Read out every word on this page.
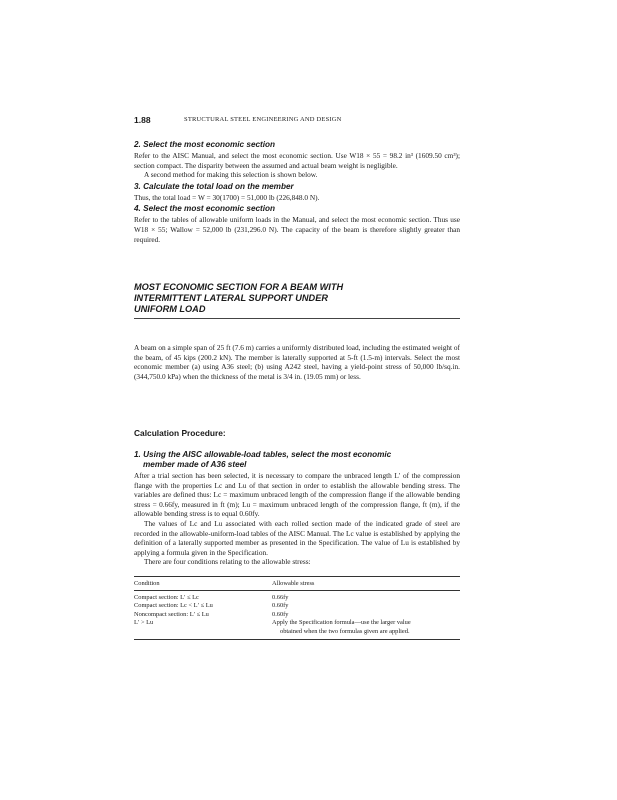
1.88	STRUCTURAL STEEL ENGINEERING AND DESIGN
2. Select the most economic section

Refer to the AISC Manual, and select the most economic section. Use W18 × 55 = 98.2 in³ (1609.50 cm³); section compact. The disparity between the assumed and actual beam weight is negligible.

A second method for making this selection is shown below.

3. Calculate the total load on the member

Thus, the total load = W = 30(1700) = 51,000 lb (226,848.0 N).

4. Select the most economic section

Refer to the tables of allowable uniform loads in the Manual, and select the most economic section. Thus use W18 × 55; Wallow = 52,000 lb (231,296.0 N). The capacity of the beam is therefore slightly greater than required.

MOST ECONOMIC SECTION FOR A BEAM WITH
INTERMITTENT LATERAL SUPPORT UNDER
UNIFORM LOAD

A beam on a simple span of 25 ft (7.6 m) carries a uniformly distributed load, including the estimated weight of the beam, of 45 kips (200.2 kN). The member is laterally supported at 5-ft (1.5-m) intervals. Select the most economic member (a) using A36 steel; (b) using A242 steel, having a yield-point stress of 50,000 lb/sq.in. (344,750.0 kPa) when the thickness of the metal is 3/4 in. (19.05 mm) or less.

Calculation Procedure:
1. Using the AISC allowable-load tables, select the most economic
member made of A36 steel

After a trial section has been selected, it is necessary to compare the unbraced length L′ of the compression flange with the properties Lc and Lu of that section in order to establish the allowable bending stress. The variables are defined thus: Lc = maximum unbraced length of the compression flange if the allowable bending stress = 0.66fy, measured in ft (m); Lu = maximum unbraced length of the compression flange, ft (m), if the allowable bending stress is to equal 0.60fy.

The values of Lc and Lu associated with each rolled section made of the indicated grade of steel are recorded in the allowable-uniform-load tables of the AISC Manual. The Lc value is established by applying the definition of a laterally supported member as presented in the Specification. The value of Lu is established by applying a formula given in the Specification.

There are four conditions relating to the allowable stress:

Condition	Allowable stress
Compact section: L′ ≤ Lc	0.66fy
Compact section: Lc < L′ ≤ Lu	0.60fy
Noncompact section: L′ ≤ Lu	0.60fy
L′ > Lu	Apply the Specification formula—use the larger value
obtained when the two formulas given are applied.
